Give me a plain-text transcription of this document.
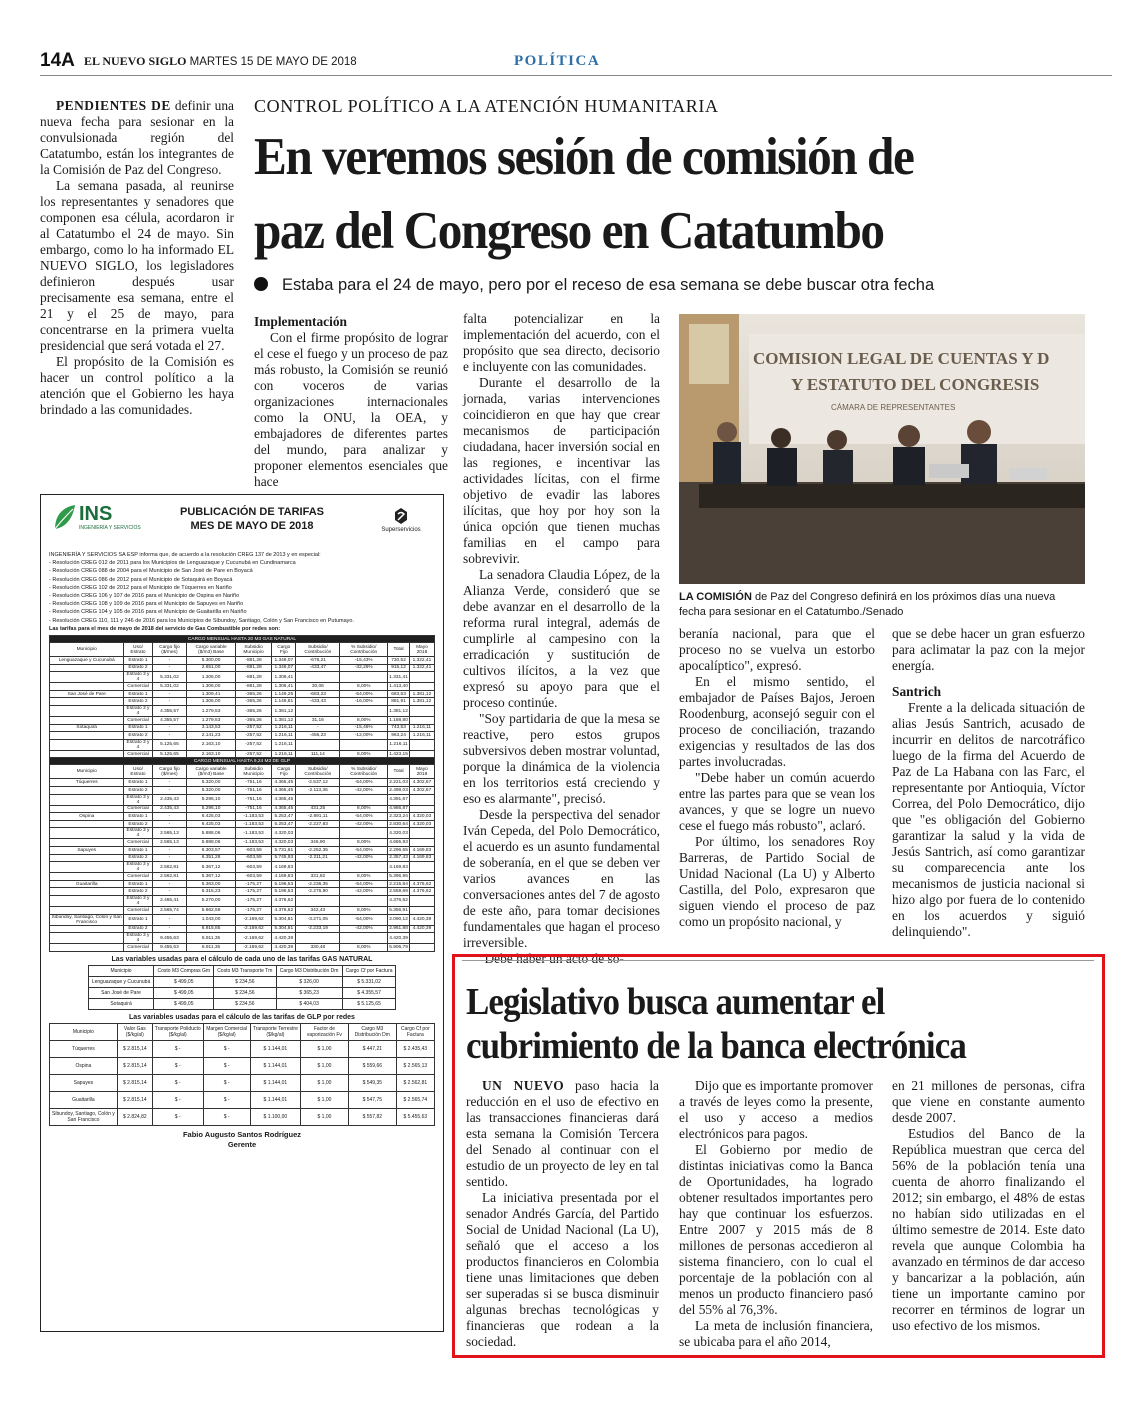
14A EL NUEVO SIGLO MARTES 15 DE MAYO DE 2018	POLÍTICA
CONTROL POLÍTICO A LA ATENCIÓN HUMANITARIA
En veremos sesión de comisión de
paz del Congreso en Catatumbo
Estaba para el 24 de mayo, pero por el receso de esa semana se debe buscar otra fecha

PENDIENTES DE definir una nueva fecha para sesionar en la convulsionada región del Catatumbo, están los integrantes de la Comisión de Paz del Congreso.

La semana pasada, al reunirse los representantes y senadores que componen esa célula, acordaron ir al Catatumbo el 24 de mayo. Sin embargo, como lo ha informado EL NUEVO SIGLO, los legisladores definieron después usar precisamente esa semana, entre el 21 y el 25 de mayo, para concentrarse en la primera vuelta presidencial que será votada el 27.

El propósito de la Comisión es hacer un control político a la atención que el Gobierno les haya brindado a las comunidades.

Implementación

Con el firme propósito de lograr el cese el fuego y un proceso de paz más robusto, la Comisión se reunió con voceros de varias organizaciones internacionales como la ONU, la OEA, y embajadores de diferentes partes del mundo, para analizar y proponer elementos esenciales que hace

falta potencializar en la implementación del acuerdo, con el propósito que sea directo, decisorio e incluyente con las comunidades.

Durante el desarrollo de la jornada, varias intervenciones coincidieron en que hay que crear mecanismos de participación ciudadana, hacer inversión social en las regiones, e incentivar las actividades lícitas, con el firme objetivo de evadir las labores ilícitas, que hoy por hoy son la única opción que tienen muchas familias en el campo para sobrevivir.

La senadora Claudia López, de la Alianza Verde, consideró que se debe avanzar en el desarrollo de la reforma rural integral, además de cumplirle al campesino con la erradicación y sustitución de cultivos ilícitos, a la vez que expresó su apoyo para que el proceso continúe.

"Soy partidaria de que la mesa se reactive, pero estos grupos subversivos deben mostrar voluntad, porque la dinámica de la violencia en los territorios está creciendo y eso es alarmante", precisó.

Desde la perspectiva del senador Iván Cepeda, del Polo Democrático, el acuerdo es un asunto fundamental de soberanía, en el que se deben ver varios avances en las conversaciones antes del 7 de agosto de este año, para tomar decisiones fundamentales que hagan el proceso irreversible.

"Debe haber un acto de so-

COMISION LEGAL DE CUENTAS Y D
Y ESTATUTO DEL CONGRESIS
CÁMARA DE REPRESENTANTES
LA COMISIÓN de Paz del Congreso definirá en los próximos días una nueva fecha para sesionar en el Catatumbo./Senado

beranía nacional, para que el proceso no se vuelva un estorbo apocalíptico", expresó.

En el mismo sentido, el embajador de Países Bajos, Jeroen Roodenburg, aconsejó seguir con el proceso de conciliación, trazando exigencias y resultados de las dos partes involucradas.

"Debe haber un común acuerdo entre las partes para que se vean los avances, y que se logre un nuevo cese el fuego más robusto", aclaró.

Por último, los senadores Roy Barreras, de Partido Social de Unidad Nacional (La U) y Alberto Castilla, del Polo, expresaron que siguen viendo el proceso de paz como un propósito nacional, y

que se debe hacer un gran esfuerzo para aclimatar la paz con la mejor energía.

Santrich

Frente a la delicada situación de alias Jesús Santrich, acusado de incurrir en delitos de narcotráfico luego de la firma del Acuerdo de Paz de La Habana con las Farc, el representante por Antioquia, Víctor Correa, del Polo Democrático, dijo que "es obligación del Gobierno garantizar la salud y la vida de Jesús Santrich, así como garantizar su comparecencia ante los mecanismos de justicia nacional si hizo algo por fuera de lo contenido en los acuerdos y siguió delinquiendo".

INS
INGENIERÍA Y SERVICIOS
PUBLICACIÓN DE TARIFAS
MES DE MAYO DE 2018	Superservicios
INGENIERÍA Y SERVICIOS SA ESP informa que, de acuerdo a la resolución CREG 137 de 2013 y en especial:
- Resolución CREG 012 de 2011 para los Municipios de Lenguazaque y Cucunubá en Cundinamarca
- Resolución CREG 088 de 2004 para el Municipio de San José de Pare en Boyacá
- Resolución CREG 086 de 2012 para el Municipio de Sotaquirá en Boyacá
- Resolución CREG 102 de 2012 para el Municipio de Túquerres en Nariño
- Resolución CREG 106 y 107 de 2016 para el Municipio de Ospina en Nariño
- Resolución CREG 108 y 109 de 2016 para el Municipio de Sapuyes en Nariño
- Resolución CREG 104 y 105 de 2016 para el Municipio de Guaitarilla en Nariño
- Resolución CREG 110, 111 y 246 de 2016 para los Municipios de Sibundoy, Santiago, Colón y San Francisco en Putumayo.
Las tarifas para el mes de mayo de 2018 del servicio de Gas Combustible por redes son:
CARGO MENSUAL HASTA 20 M3 GAS NATURAL									
Municipio	Uso/ Estrato	Cargo fijo ($/mes)	Cargo variable ($/m3) Base	Subsidio Municipio	Cargo Fijo	Subsidio/ Contribución	% Subsidio/ Contribución	Total	Mayo 2018
Lenguazaque y Cucunubá	Estrato 1	-	5.300,00	-881,28	1.346,07	-676,21	-15,43%	730,52	1.322,41
	Estrato 2	-	2.651,00	-881,28	1.346,07	-433,47	-32,26%	915,12	1.322,41
	Estrato 3 y 4	5.331,02	1.306,00	-881,28	1.306,41			1.331,41	
	Comercial	5.331,02	1.306,00	-881,28	1.306,41	30,06	8,00%	1.413,40	
San José de Pare	Estrato 1	-	1.309,41	-365,26	1.149,25	-683,23	-54,00%	683,53	1.381,12
	Estrato 2	-	1.306,00	-365,26	1.146,81	-433,43	-16,00%	881,91	1.381,12
	Estrato 3 y 4	4.355,57	1.279,53	-365,26	1.381,12			1.381,12	
	Comercial	4.355,57	1.279,53	-365,26	1.381,12	31,16	8,00%	1.188,80	
Sotaquirá	Estrato 1	-	3.143,53	-257,52	1.216,11	-	-15,46%	743,53	1.216,11
	Estrato 2	-	2.141,23	-257,52	1.216,11	-456,23	-12,00%	963,24	1.216,11
	Estrato 3 y 4	5.125,65	2.163,10	-257,52	1.216,11			1.216,11	
	Comercial	5.125,65	2.163,10	-257,52	1.216,11	111,14	8,00%	1.423,15	
CARGO MENSUAL HASTA 9,24 M3 DE GLP									
Municipio	Uso/ Estrato	Cargo fijo ($/mes)	Cargo variable ($/m3) Base	Subsidio Municipio	Cargo Fijo	Subsidio/ Contribución	% Subsidio/ Contribución	Total	Mayo 2018
Túquerres	Estrato 1	-	5.320,00	-751,16	4.365,45	-2.537,12	-54,00%	2.221,03	4.302,67
	Estrato 2	-	5.320,00	-751,16	4.365,45	-2.113,36	-42,00%	2.498,03	4.302,67
	Estrato 3 y 4	2.435,43	5.296,10	-751,16	4.365,45			4.391,67	
	Comercial	2.435,43	5.296,10	-751,16	4.365,45	431,25	8,00%	4.986,87	
Ospina	Estrato 1	-	6.425,03	-1.183,53	5.253,47	-2.891,11	-54,00%	2.323,24	4.320,03
	Estrato 2	-	6.425,03	-1.183,53	5.253,47	-2.227,83	-42,00%	2.830,64	4.320,03
	Estrato 3 y 4	2.565,13	5.888,06	-1.183,53	4.320,03			4.320,03	
	Comercial	2.565,13	5.888,06	-1.183,53	4.320,03	346,90	8,00%	4.665,93	
Sapuyes	Estrato 1	-	6.303,57	-603,59	5.731,61	-2.252,35	-54,00%	2.296,65	4.169,83
	Estrato 2	-	6.351,28	-603,59	5.745,93	-2.211,21	-42,00%	2.357,43	4.169,83
	Estrato 3 y 4	2.562,81	5.367,12	-603,59	4.169,83			4.169,83	
	Comercial	2.562,81	5.367,12	-603,59	4.169,83	331,82	8,00%	5.396,95	
Guaitarilla	Estrato 1	-	5.363,00	-175,27	5.196,53	-2.236,35	-54,00%	2.215,84	4.376,62
	Estrato 2	-	5.315,23	-175,27	5.196,53	-2.276,90	-42,00%	2.559,69	4.376,62
	Estrato 3 y 4	2.465,41	5.270,00	-175,27	4.376,62			4.376,62	
	Comercial	2.565,74	5.662,59	-175,27	4.376,62	342,43	8,00%	5.356,91	
Sibundoy, Santiago, Colón y San Francisco	Estrato 1	-	1.043,00	-2.169,62	5.304,81	-3.271,05	-54,00%	2.090,12	4.420,39
	Estrato 2	-	6.915,85	-2.169,62	5.304,81	-2.233,19	-42,00%	2.961,88	4.420,39
	Estrato 3 y 4	9.455,63	6.911,35	-2.169,62	4.420,39			4.420,39	
	Comercial	9.455,63	6.911,35	-2.169,62	4.420,39	330,48	8,00%	5.906,79	
Las variables usadas para el cálculo de cada uno de las tarifas GAS NATURAL
Municipio	Costo M3 Compras Gm	Costo M3 Transporte Tm	Cargo M3 Distribución Dm	Cargo Cf por Factura
Lenguazaque y Cucunubá	$ 499,05	$ 234,56	$ 326,00	$ 5.331,02
San José de Pare	$ 499,05	$ 234,56	$ 365,23	$ 4.355,57
Sotaquirá	$ 499,05	$ 234,56	$ 404,03	$ 5.125,65
Las variables usadas para el cálculo de las tarifas de GLP por redes
Municipio	Valor Gas ($/kg/al)	Transporte Poliducto ($/kg/al)	Margen Comercial ($/kg/al)	Transporte Terrestre ($/kg/al)	Factor de vaporización Fv	Cargo M3 Distribución Dm	Cargo Cf por Factura
Túquerres	$ 2.815,14	$ -	$ -	$ 1.144,01	$ 1,00	$ 447,21	$ 2.435,43
Ospina	$ 2.815,14	$ -	$ -	$ 1.144,01	$ 1,00	$ 559,66	$ 2.565,13
Sapuyes	$ 2.815,14	$ -	$ -	$ 1.144,01	$ 1,00	$ 549,35	$ 2.562,81
Guaitarilla	$ 2.815,14	$ -	$ -	$ 1.144,01	$ 1,00	$ 547,75	$ 2.565,74
Sibundoy, Santiago, Colón y San Francisco	$ 2.824,82	$ -	$ -	$ 1.100,00	$ 1,00	$ 557,82	$ 5.455,63
Fabio Augusto Santos Rodríguez
Gerente
Legislativo busca aumentar el
cubrimiento de la banca electrónica

UN NUEVO paso hacia la reducción en el uso de efectivo en las transacciones financieras dará esta semana la Comisión Tercera del Senado al continuar con el estudio de un proyecto de ley en tal sentido.

La iniciativa presentada por el senador Andrés García, del Partido Social de Unidad Nacional (La U), señaló que el acceso a los productos financieros en Colombia tiene unas limitaciones que deben ser superadas si se busca disminuir algunas brechas tecnológicas y financieras que rodean a la sociedad.

Dijo que es importante promover a través de leyes como la presente, el uso y acceso a medios electrónicos para pagos.

El Gobierno por medio de distintas iniciativas como la Banca de Oportunidades, ha logrado obtener resultados importantes pero hay que continuar los esfuerzos. Entre 2007 y 2015 más de 8 millones de personas accedieron al sistema financiero, con lo cual el porcentaje de la población con al menos un producto financiero pasó del 55% al 76,3%.

La meta de inclusión financiera, se ubicaba para el año 2014,

en 21 millones de personas, cifra que viene en constante aumento desde 2007.

Estudios del Banco de la República muestran que cerca del 56% de la población tenía una cuenta de ahorro finalizando el 2012; sin embargo, el 48% de estas no habían sido utilizadas en el último semestre de 2014. Este dato revela que aunque Colombia ha avanzado en términos de dar acceso y bancarizar a la población, aún tiene un importante camino por recorrer en términos de lograr un uso efectivo de los mismos.
